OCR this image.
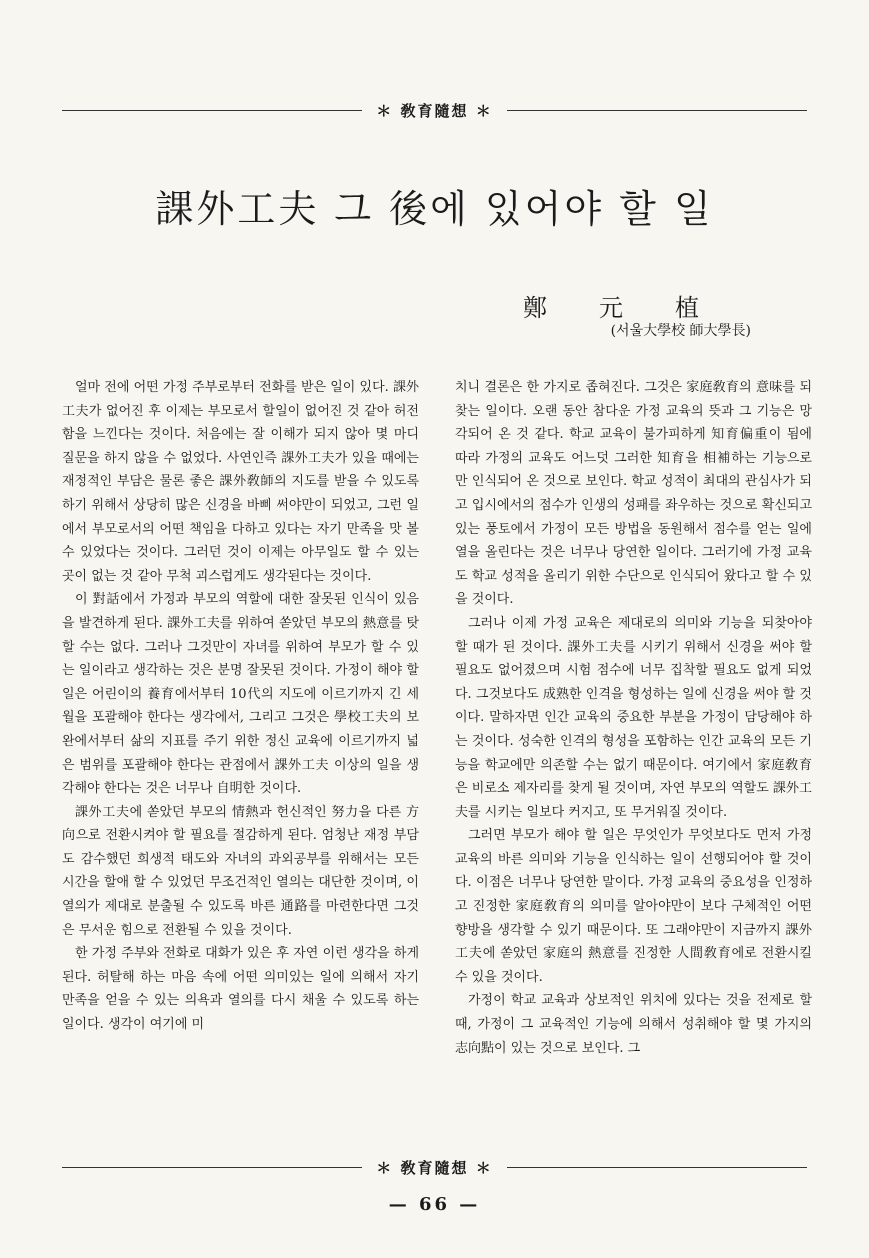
＊ 敎育隨想 ＊
課外工夫 그 後에 있어야 할 일
鄭元植
(서울大學校 師大學長)

얼마 전에 어떤 가정 주부로부터 전화를 받은 일이 있다. 課外工夫가 없어진 후 이제는 부모로서 할일이 없어진 것 같아 허전함을 느낀다는 것이다. 처음에는 잘 이해가 되지 않아 몇 마디 질문을 하지 않을 수 없었다. 사연인즉 課外工夫가 있을 때에는 재정적인 부담은 물론 좋은 課外敎師의 지도를 받을 수 있도록 하기 위해서 상당히 많은 신경을 바삐 써야만이 되었고, 그런 일에서 부모로서의 어떤 책임을 다하고 있다는 자기 만족을 맛 볼 수 있었다는 것이다. 그러던 것이 이제는 아무일도 할 수 있는 곳이 없는 것 같아 무척 괴스럽게도 생각된다는 것이다.

이 對話에서 가정과 부모의 역할에 대한 잘못된 인식이 있음을 발견하게 된다. 課外工夫를 위하여 쏟았던 부모의 熱意를 탓할 수는 없다. 그러나 그것만이 자녀를 위하여 부모가 할 수 있는 일이라고 생각하는 것은 분명 잘못된 것이다. 가정이 해야 할 일은 어린이의 養育에서부터 10代의 지도에 이르기까지 긴 세월을 포괄해야 한다는 생각에서, 그리고 그것은 學校工夫의 보완에서부터 삶의 지표를 주기 위한 정신 교육에 이르기까지 넓은 범위를 포괄해야 한다는 관점에서 課外工夫 이상의 일을 생각해야 한다는 것은 너무나 自明한 것이다.

課外工夫에 쏟았던 부모의 情熱과 헌신적인 努力을 다른 方向으로 전환시켜야 할 필요를 절감하게 된다. 엄청난 재정 부담도 감수했던 희생적 태도와 자녀의 과외공부를 위해서는 모든 시간을 할애 할 수 있었던 무조건적인 열의는 대단한 것이며, 이 열의가 제대로 분출될 수 있도록 바른 通路를 마련한다면 그것은 무서운 힘으로 전환될 수 있을 것이다.

한 가정 주부와 전화로 대화가 있은 후 자연 이런 생각을 하게 된다. 허탈해 하는 마음 속에 어떤 의미있는 일에 의해서 자기 만족을 얻을 수 있는 의욕과 열의를 다시 채울 수 있도록 하는 일이다. 생각이 여기에 미

치니 결론은 한 가지로 좁혀진다. 그것은 家庭敎育의 意味를 되찾는 일이다. 오랜 동안 참다운 가정 교육의 뜻과 그 기능은 망각되어 온 것 같다. 학교 교육이 불가피하게 知育偏重이 됨에 따라 가정의 교육도 어느덧 그러한 知育을 相補하는 기능으로만 인식되어 온 것으로 보인다. 학교 성적이 최대의 관심사가 되고 입시에서의 점수가 인생의 성패를 좌우하는 것으로 확신되고 있는 풍토에서 가정이 모든 방법을 동원해서 점수를 얻는 일에 열을 올린다는 것은 너무나 당연한 일이다. 그러기에 가정 교육도 학교 성적을 올리기 위한 수단으로 인식되어 왔다고 할 수 있을 것이다.

그러나 이제 가정 교육은 제대로의 의미와 기능을 되찾아야 할 때가 된 것이다. 課外工夫를 시키기 위해서 신경을 써야 할 필요도 없어졌으며 시험 점수에 너무 집착할 필요도 없게 되었다. 그것보다도 成熟한 인격을 형성하는 일에 신경을 써야 할 것이다. 말하자면 인간 교육의 중요한 부분을 가정이 담당해야 하는 것이다. 성숙한 인격의 형성을 포함하는 인간 교육의 모든 기능을 학교에만 의존할 수는 없기 때문이다. 여기에서 家庭敎育은 비로소 제자리를 찾게 될 것이며, 자연 부모의 역할도 課外工夫를 시키는 일보다 커지고, 또 무거워질 것이다.

그러면 부모가 해야 할 일은 무엇인가 무엇보다도 먼저 가정 교육의 바른 의미와 기능을 인식하는 일이 선행되어야 할 것이다. 이점은 너무나 당연한 말이다. 가정 교육의 중요성을 인정하고 진정한 家庭敎育의 의미를 알아야만이 보다 구체적인 어떤 향방을 생각할 수 있기 때문이다. 또 그래야만이 지금까지 課外工夫에 쏟았던 家庭의 熱意를 진정한 人間敎育에로 전환시킬 수 있을 것이다.

가정이 학교 교육과 상보적인 위치에 있다는 것을 전제로 할 때, 가정이 그 교육적인 기능에 의해서 성취해야 할 몇 가지의 志向點이 있는 것으로 보인다. 그

＊ 敎育隨想 ＊
— 66 —
